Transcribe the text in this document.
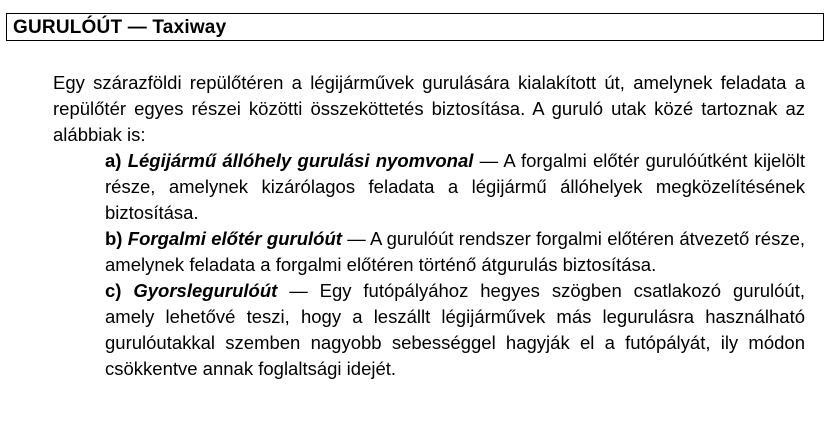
GURULÓÚT — Taxiway

Egy szárazföldi repülőtéren a légijárművek gurulására kialakított út, amelynek feladata a repülőtér egyes részei közötti összeköttetés biztosítása. A guruló utak közé tartoznak az alábbiak is:

a) Légijármű állóhely gurulási nyomvonal — A forgalmi előtér gurulóútként kijelölt része, amelynek kizárólagos feladata a légijármű állóhelyek megközelítésének biztosítása.
b) Forgalmi előtér gurulóút — A gurulóút rendszer forgalmi előtéren átvezető része, amelynek feladata a forgalmi előtéren történő átgurulás biztosítása.
c) Gyorslegurulóút — Egy futópályához hegyes szögben csatlakozó gurulóút, amely lehetővé teszi, hogy a leszállt légijárművek más legurulásra használható gurulóutakkal szemben nagyobb sebességgel hagyják el a futópályát, ily módon csökkentve annak foglaltsági idejét.
